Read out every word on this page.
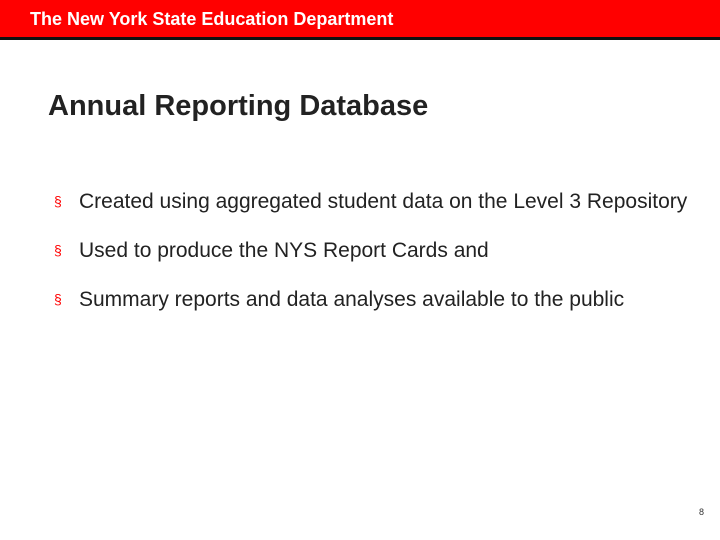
The New York State Education Department
Annual Reporting Database
§ Created using aggregated student data on the Level 3 Repository
§ Used to produce the NYS Report Cards and
§ Summary reports and data analyses available to the public
8
